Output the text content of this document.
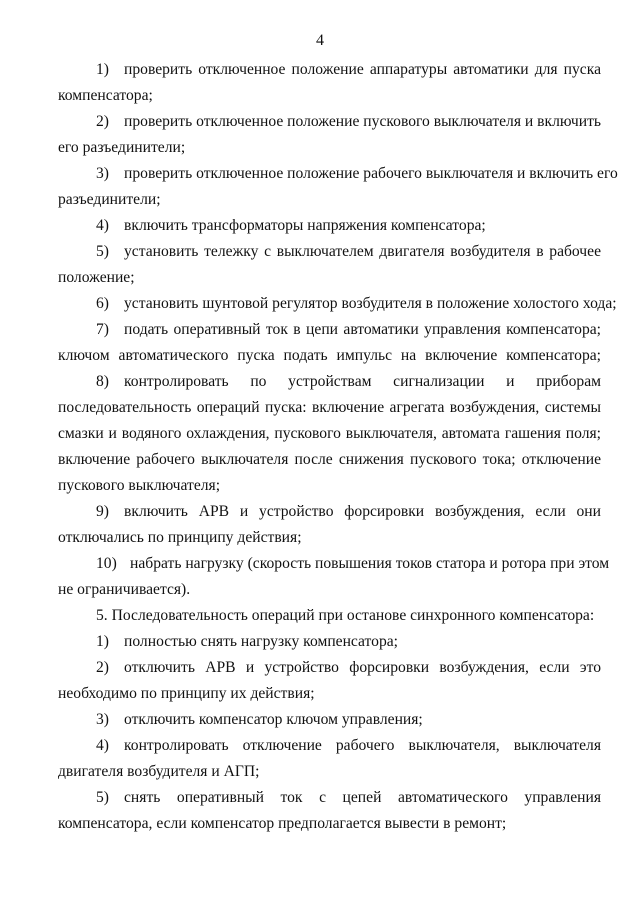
4
1) проверить отключенное положение аппаратуры автоматики для пуска
компенсатора;
2) проверить отключенное положение пускового выключателя и включить
его разъединители;
3) проверить отключенное положение рабочего выключателя и включить его
разъединители;
4) включить трансформаторы напряжения компенсатора;
5) установить тележку с выключателем двигателя возбудителя в рабочее
положение;
6) установить шунтовой регулятор возбудителя в положение холостого хода;
7) подать оперативный ток в цепи автоматики управления компенсатора;
ключом автоматического пуска подать импульс на включение компенсатора;
8) контролировать по устройствам сигнализации и приборам
последовательность операций пуска: включение агрегата возбуждения, системы
смазки и водяного охлаждения, пускового выключателя, автомата гашения поля;
включение рабочего выключателя после снижения пускового тока; отключение
пускового выключателя;
9) включить АРВ и устройство форсировки возбуждения, если они
отключались по принципу действия;
10) набрать нагрузку (скорость повышения токов статора и ротора при этом
не ограничивается).
5. Последовательность операций при останове синхронного компенсатора:
1) полностью снять нагрузку компенсатора;
2) отключить АРВ и устройство форсировки возбуждения, если это
необходимо по принципу их действия;
3) отключить компенсатор ключом управления;
4) контролировать отключение рабочего выключателя, выключателя
двигателя возбудителя и АГП;
5) снять оперативный ток с цепей автоматического управления
компенсатора, если компенсатор предполагается вывести в ремонт;
